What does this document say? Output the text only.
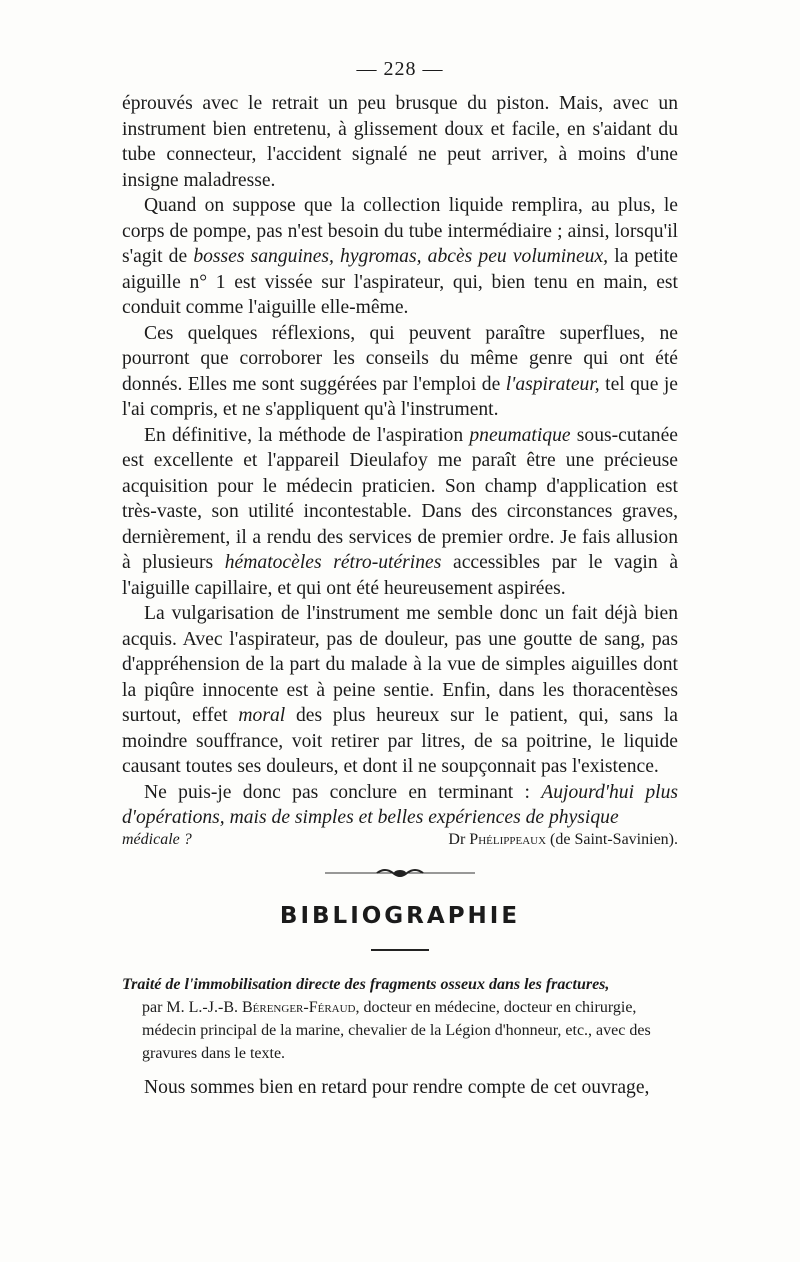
— 228 —

éprouvés avec le retrait un peu brusque du piston. Mais, avec un instrument bien entretenu, à glissement doux et facile, en s'aidant du tube connecteur, l'accident signalé ne peut arriver, à moins d'une insigne maladresse.

Quand on suppose que la collection liquide remplira, au plus, le corps de pompe, pas n'est besoin du tube intermédiaire ; ainsi, lorsqu'il s'agit de bosses sanguines, hygromas, abcès peu volumineux, la petite aiguille n° 1 est vissée sur l'aspirateur, qui, bien tenu en main, est conduit comme l'aiguille elle-même.

Ces quelques réflexions, qui peuvent paraître superflues, ne pourront que corroborer les conseils du même genre qui ont été donnés. Elles me sont suggérées par l'emploi de l'aspirateur, tel que je l'ai compris, et ne s'appliquent qu'à l'instrument.

En définitive, la méthode de l'aspiration pneumatique sous-cutanée est excellente et l'appareil Dieulafoy me paraît être une précieuse acquisition pour le médecin praticien. Son champ d'application est très-vaste, son utilité incontestable. Dans des circonstances graves, dernièrement, il a rendu des services de premier ordre. Je fais allusion à plusieurs hématocèles rétro-utérines accessibles par le vagin à l'aiguille capillaire, et qui ont été heureusement aspirées.

La vulgarisation de l'instrument me semble donc un fait déjà bien acquis. Avec l'aspirateur, pas de douleur, pas une goutte de sang, pas d'appréhension de la part du malade à la vue de simples aiguilles dont la piqûre innocente est à peine sentie. Enfin, dans les thoracentèses surtout, effet moral des plus heureux sur le patient, qui, sans la moindre souffrance, voit retirer par litres, de sa poitrine, le liquide causant toutes ses douleurs, et dont il ne soupçonnait pas l'existence.

Ne puis-je donc pas conclure en terminant : Aujourd'hui plus d'opérations, mais de simples et belles expériences de physique

médicale ?	Dr Phélippeaux (de Saint-Savinien).
BIBLIOGRAPHIE
Traité de l'immobilisation directe des fragments osseux dans les fractures,
par M. L.-J.-B. Bérenger-Féraud, docteur en médecine, docteur en chirurgie, médecin principal de la marine, chevalier de la Légion d'honneur, etc., avec des gravures dans le texte.

Nous sommes bien en retard pour rendre compte de cet ouvrage,
